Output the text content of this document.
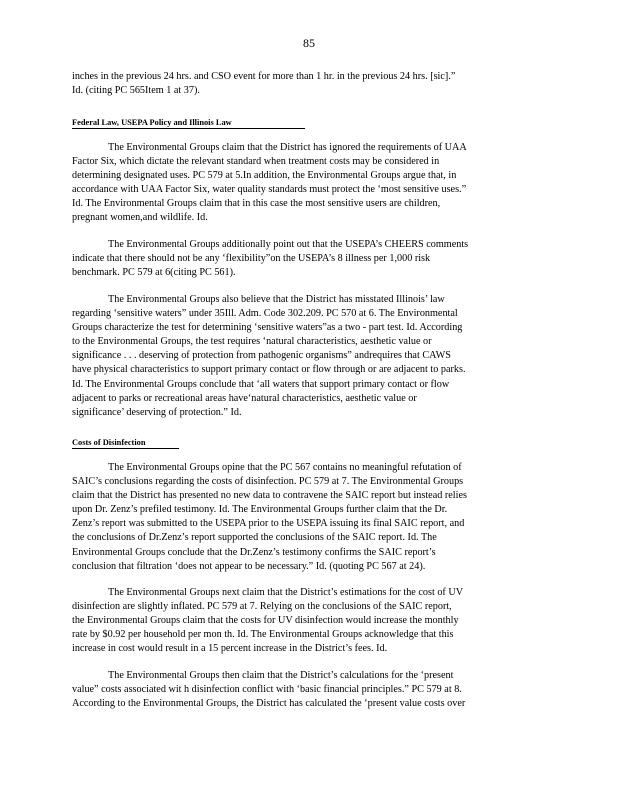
85
inches in the previous 24 hrs. and CSO event for more than 1 hr. in the previous 24 hrs. [sic].”
Id. (citing PC 565Item 1 at 37).
Federal Law, USEPA Policy and Illinois Law
The Environmental Groups claim that the District has ignored the requirements of UAA
Factor Six, which dictate the relevant standard when treatment costs may be considered in
determining designated uses. PC 579 at 5.In addition, the Environmental Groups argue that, in
accordance with UAA Factor Six, water quality standards must protect the ‘most sensitive uses.”
Id. The Environmental Groups claim that in this case the most sensitive users are children,
pregnant women,and wildlife. Id.
The Environmental Groups additionally point out that the USEPA’s CHEERS comments
indicate that there should not be any ‘flexibility”on the USEPA’s 8 illness per 1,000 risk
benchmark. PC 579 at 6(citing PC 561).
The Environmental Groups also believe that the District has misstated Illinois’ law
regarding ‘sensitive waters” under 35Ill. Adm. Code 302.209. PC 570 at 6. The Environmental
Groups characterize the test for determining ‘sensitive waters”as a two - part test. Id. According
to the Environmental Groups, the test requires ‘natural characteristics, aesthetic value or
significance . . . deserving of protection from pathogenic organisms” andrequires that CAWS
have physical characteristics to support primary contact or flow through or are adjacent to parks.
Id. The Environmental Groups conclude that ‘all waters that support primary contact or flow
adjacent to parks or recreational areas have‘natural characteristics, aesthetic value or
significance’ deserving of protection.” Id.
Costs of Disinfection
The Environmental Groups opine that the PC 567 contains no meaningful refutation of
SAIC’s conclusions regarding the costs of disinfection. PC 579 at 7. The Environmental Groups
claim that the District has presented no new data to contravene the SAIC report but instead relies
upon Dr. Zenz’s prefiled testimony. Id. The Environmental Groups further claim that the Dr.
Zenz’s report was submitted to the USEPA prior to the USEPA issuing its final SAIC report, and
the conclusions of Dr.Zenz’s report supported the conclusions of the SAIC report. Id. The
Environmental Groups conclude that the Dr.Zenz’s testimony confirms the SAIC report’s
conclusion that filtration ‘does not appear to be necessary.” Id. (quoting PC 567 at 24).
The Environmental Groups next claim that the District’s estimations for the cost of UV
disinfection are slightly inflated. PC 579 at 7. Relying on the conclusions of the SAIC report,
the Environmental Groups claim that the costs for UV disinfection would increase the monthly
rate by $0.92 per household per mon th. Id. The Environmental Groups acknowledge that this
increase in cost would result in a 15 percent increase in the District’s fees. Id.
The Environmental Groups then claim that the District’s calculations for the ‘present
value” costs associated wit h disinfection conflict with ‘basic financial principles.” PC 579 at 8.
According to the Environmental Groups, the District has calculated the ‘present value costs over
